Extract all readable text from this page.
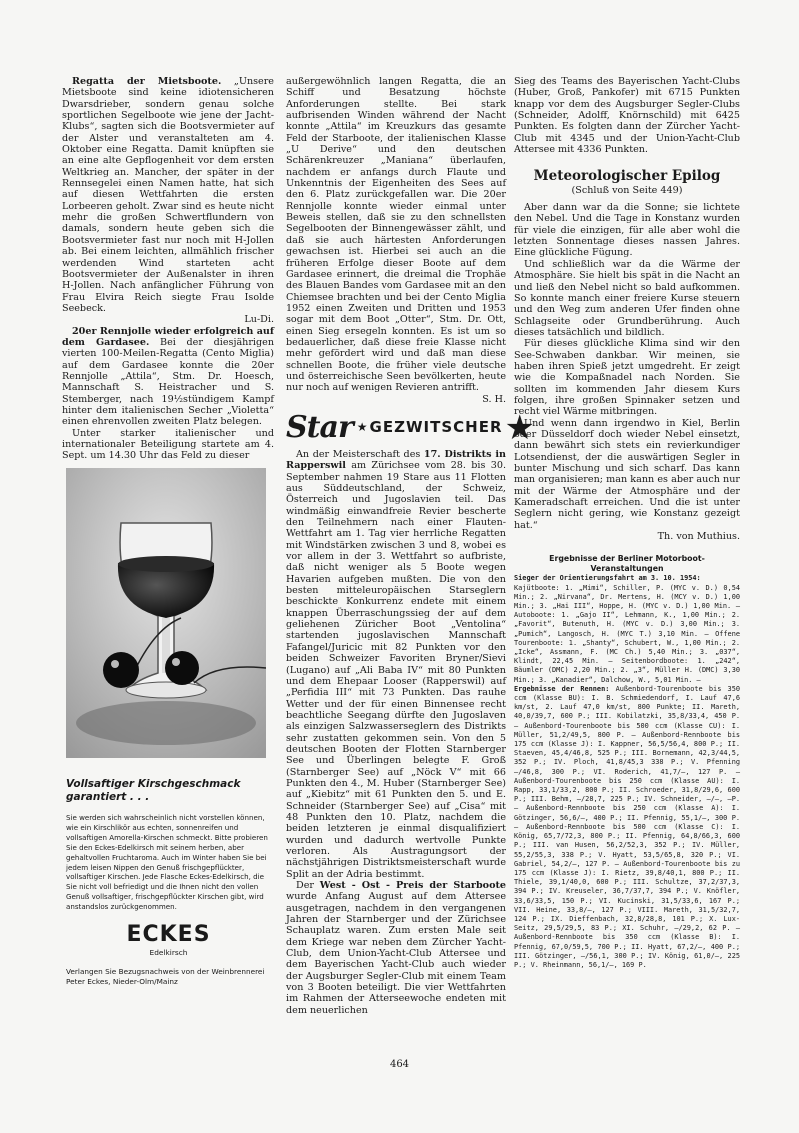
Regatta der Mietsboote. „Unsere Mietsboote sind keine idiotensicheren Dwarsdrieber, sondern genau solche sportlichen Segelboote wie jene der Jacht-Klubs“, sagten sich die Bootsvermieter auf der Alster und veranstalteten am 4. Oktober eine Regatta. Damit knüpften sie an eine alte Gepflogenheit vor dem ersten Weltkrieg an. Mancher, der später in der Rennsegelei einen Namen hatte, hat sich auf diesen Wettfahrten die ersten Lorbeeren geholt. Zwar sind es heute nicht mehr die großen Schwertflundern von damals, sondern heute geben sich die Bootsvermieter fast nur noch mit H-Jollen ab. Bei einem leichten, allmählich frischer werdenden Wind starteten acht Bootsvermieter der Außenalster in ihren H-Jollen. Nach anfänglicher Führung von Frau Elvira Reich siegte Frau Isolde Seebeck.
Lu-Di.

20er Rennjolle wieder erfolgreich auf dem Gardasee. Bei der diesjährigen vierten 100-Meilen-Regatta (Cento Miglia) auf dem Gardasee konnte die 20er Rennjolle „Attila“, Stm. Dr. Hoesch, Mannschaft S. Heistracher und S. Stemberger, nach 19½stündigem Kampf hinter dem italienischen Secher „Violetta“ einen ehrenvollen zweiten Platz belegen.

Unter starker italienischer und internationaler Beteiligung startete am 4. Sept. um 14.30 Uhr das Feld zu dieser

Vollsaftiger Kirschgeschmack garantiert . . .
Sie werden sich wahrscheinlich nicht vorstellen können, wie ein Kirschlikör aus echten, sonnenreifen und vollsaftigen Amorella-Kirschen schmeckt. Bitte probieren Sie den Eckes-Edelkirsch mit seinem herben, aber gehaltvollen Fruchtaroma. Auch im Winter haben Sie bei jedem leisen Nippen den Genuß frischgepflückter, vollsaftiger Kirschen. Jede Flasche Eckes-Edelkirsch, die Sie nicht voll befriedigt und die Ihnen nicht den vollen Genuß vollsaftiger, frischgepflückter Kirschen gibt, wird anstandslos zurückgenommen.
ECKES
Edelkirsch
Verlangen Sie Bezugsnachweis von der Weinbrennerei Peter Eckes, Nieder-Olm/Mainz

außergewöhnlich langen Regatta, die an Schiff und Besatzung höchste Anforderungen stellte. Bei stark aufbrisenden Winden während der Nacht konnte „Attila“ im Kreuzkurs das gesamte Feld der Starboote, der italienischen Klasse „U Derive“ und den deutschen Schärenkreuzer „Maniana“ überlaufen, nachdem er anfangs durch Flaute und Unkenntnis der Eigenheiten des Sees auf den 6. Platz zurückgefallen war. Die 20er Rennjolle konnte wieder einmal unter Beweis stellen, daß sie zu den schnellsten Segelbooten der Binnengewässer zählt, und daß sie auch härtesten Anforderungen gewachsen ist. Hierbei sei auch an die früheren Erfolge dieser Boote auf dem Gardasee erinnert, die dreimal die Trophäe des Blauen Bandes vom Gardasee mit an den Chiemsee brachten und bei der Cento Miglia 1952 einen Zweiten und Dritten und 1953 sogar mit dem Boot „Otter“, Stm. Dr. Ott, einen Sieg ersegeln konnten. Es ist um so bedauerlicher, daß diese freie Klasse nicht mehr gefördert wird und daß man diese schnellen Boote, die früher viele deutsche und österreichische Seen bevölkerten, heute nur noch auf wenigen Revieren antrifft.
S. H.

Star ★ GEZWITSCHER ★

An der Meisterschaft des 17. Distrikts in Rapperswil am Zürichsee vom 28. bis 30. September nahmen 19 Stare aus 11 Flotten aus Süddeutschland, der Schweiz, Österreich und Jugoslavien teil. Das windmäßig einwandfreie Revier bescherte den Teilnehmern nach einer Flauten-Wettfahrt am 1. Tag vier herrliche Regatten mit Windstärken zwischen 3 und 8, wobei es vor allem in der 3. Wettfahrt so aufbriste, daß nicht weniger als 5 Boote wegen Havarien aufgeben mußten. Die von den besten mitteleuropäischen Starseglern beschickte Konkurrenz endete mit einem knappen Überraschungssieg der auf dem geliehenen Züricher Boot „Ventolina“ startenden jugoslavischen Mannschaft Fafangel/Juricic mit 82 Punkten vor den beiden Schweizer Favoriten Bryner/Sievi (Lugano) auf „Ali Baba IV“ mit 80 Punkten und dem Ehepaar Looser (Rapperswil) auf „Perfidia III“ mit 73 Punkten. Das rauhe Wetter und der für einen Binnensee recht beachtliche Seegang dürfte den Jugoslaven als einzigen Salzwasserseglern des Distrikts sehr zustatten gekommen sein. Von den 5 deutschen Booten der Flotten Starnberger See und Überlingen belegte F. Groß (Starnberger See) auf „Nöck V“ mit 66 Punkten den 4., M. Huber (Starnberger See) auf „Kiebitz“ mit 61 Punkten den 5. und E. Schneider (Starnberger See) auf „Cisa“ mit 48 Punkten den 10. Platz, nachdem die beiden letzteren je einmal disqualifiziert wurden und dadurch wertvolle Punkte verloren. Als Austragungsort der nächstjährigen Distriktsmeisterschaft wurde Split an der Adria bestimmt.

Der West - Ost - Preis der Starboote wurde Anfang August auf dem Attersee ausgetragen, nachdem in den vergangenen Jahren der Starnberger und der Zürichsee Schauplatz waren. Zum ersten Male seit dem Kriege war neben dem Zürcher Yacht-Club, dem Union-Yacht-Club Attersee und dem Bayerischen Yacht-Club auch wieder der Augsburger Segler-Club mit einem Team von 3 Booten beteiligt. Die vier Wettfahrten im Rahmen der Atterseewoche endeten mit dem neuerlichen

Sieg des Teams des Bayerischen Yacht-Clubs (Huber, Groß, Pankofer) mit 6715 Punkten knapp vor dem des Augsburger Segler-Clubs (Schneider, Adolff, Knörnschild) mit 6425 Punkten. Es folgten dann der Zürcher Yacht-Club mit 4345 und der Union-Yacht-Club Attersee mit 4336 Punkten.

Meteorologischer Epilog
(Schluß von Seite 449)

Aber dann war da die Sonne; sie lichtete den Nebel. Und die Tage in Konstanz wurden für viele die einzigen, für alle aber wohl die letzten Sonnentage dieses nassen Jahres. Eine glückliche Fügung.

Und schließlich war da die Wärme der Atmosphäre. Sie hielt bis spät in die Nacht an und ließ den Nebel nicht so bald aufkommen. So konnte manch einer freiere Kurse steuern und den Weg zum anderen Ufer finden ohne Schlagseite oder Grundberührung. Auch dieses tatsächlich und bildlich.

Für dieses glückliche Klima sind wir den See-Schwaben dankbar. Wir meinen, sie haben ihren Spieß jetzt umgedreht. Er zeigt wie die Kompaßnadel nach Norden. Sie sollten im kommenden Jahr diesem Kurs folgen, ihre großen Spinnaker setzen und recht viel Wärme mitbringen.

Und wenn dann irgendwo in Kiel, Berlin oder Düsseldorf doch wieder Nebel einsetzt, dann bewährt sich stets ein revierkundiger Lotsendienst, der die auswärtigen Segler in bunter Mischung und sich scharf. Das kann man organisieren; man kann es aber auch nur mit der Wärme der Atmosphäre und der Kameradschaft erreichen. Und die ist unter Seglern nicht gering, wie Konstanz gezeigt hat.“

Th. von Muthius.
Ergebnisse der Berliner Motorboot-Veranstaltungen

Sieger der Orientierungsfahrt am 3. 10. 1954:

Kajütboote: 1. „Mimi“, Schiller, P. (MYC v. D.) 0,54 Min.; 2. „Nirvana“, Dr. Mertens, H. (MCY v. D.) 1,00 Min.; 3. „Hai III“, Hoppe, H. (MYC v. D.) 1,00 Min. — Autoboote: 1. „Gajo II“, Lehmann, K., 1,00 Min.; 2. „Favorit“, Butenuth, H. (MYC v. D.) 3,00 Min.; 3. „Pumich“, Langosch, H. (MYC T.) 3,10 Min. — Offene Tourenboote: 1. „Shanty“, Schubert, W., 1,00 Min.; 2. „Icke“, Assmann, F. (MC Ch.) 5,40 Min.; 3. „037“, Klindt, 22,45 Min. — Seitenbordboote: 1. „242“, Bäumler (DMC) 2,20 Min.; 2. „3“, Müller H. (DMC) 3,30 Min.; 3. „Kanadier“, Dalchow, W., 5,01 Min. —

Ergebnisse der Rennen: Außenbord-Tourenboote bis 350 ccm (Klasse BU): I. B. Schmiedendorf, I. Lauf 47,6 km/st, 2. Lauf 47,0 km/st, 800 Punkte; II. Mareth, 40,0/39,7, 600 P.; III. Kobilatzki, 35,8/33,4, 450 P. — Außenbord-Tourenboote bis 500 ccm (Klasse CU): I. Müller, 51,2/49,5, 800 P. — Außenbord-Rennboote bis 175 ccm (Klasse J): I. Kappner, 56,5/56,4, 800 P.; II. Staeven, 45,4/46,8, 525 P.; III. Bornemann, 42,3/44,5, 352 P.; IV. Ploch, 41,8/45,3 338 P.; V. Pfenning —/46,8, 300 P.; VI. Roderich, 41,7/—, 127 P. — Außenbord-Tourenboote bis 250 ccm (Klasse AU): I. Rapp, 33,1/33,2, 800 P.; II. Schroeder, 31,8/29,6, 600 P.; III. Behm, —/28,7, 225 P.; IV. Schneider, —/—, —P. — Außenbord-Rennboote bis 250 ccm (Klasse A): I. Götzinger, 56,6/—, 400 P.; II. Pfennig, 55,1/—, 300 P. — Außenbord-Rennboote bis 500 ccm (Klasse C): I. König, 65,7/72,3, 800 P.; II. Pfennig, 64,8/66,3, 600 P.; III. van Husen, 56,2/52,3, 352 P.; IV. Müller, 55,2/55,3, 338 P.; V. Hyatt, 53,5/65,8, 320 P.; VI. Gabriel, 54,2/—, 127 P. — Außenbord-Tourenboote bis zu 175 ccm (Klasse J): I. Rietz, 39,8/40,1, 800 P.; II. Thiele, 39,1/40,0, 600 P.; III. Schultze, 37,2/37,3, 394 P.; IV. Kreuseler, 36,7/37,7, 394 P.; V. Knöfler, 33,6/33,5, 150 P.; VI. Kucinski, 31,5/33,6, 167 P.; VII. Heine, 33,8/—, 127 P.; VIII. Mareth, 31,5/32,7, 124 P.; IX. Dieffenbach, 32,8/28,8, 101 P.; X. Lux-Seitz, 29,5/29,5, 83 P.; XI. Schuhr, —/29,2, 62 P. — Außenbord-Rennboote bis 350 ccm (Klasse B): I. Pfennig, 67,0/59,5, 700 P.; II. Hyatt, 67,2/—, 400 P.; III. Götzinger, —/56,1, 300 P.; IV. König, 61,0/—, 225 P.; V. Rheinmann, 56,1/—, 169 P.

464
